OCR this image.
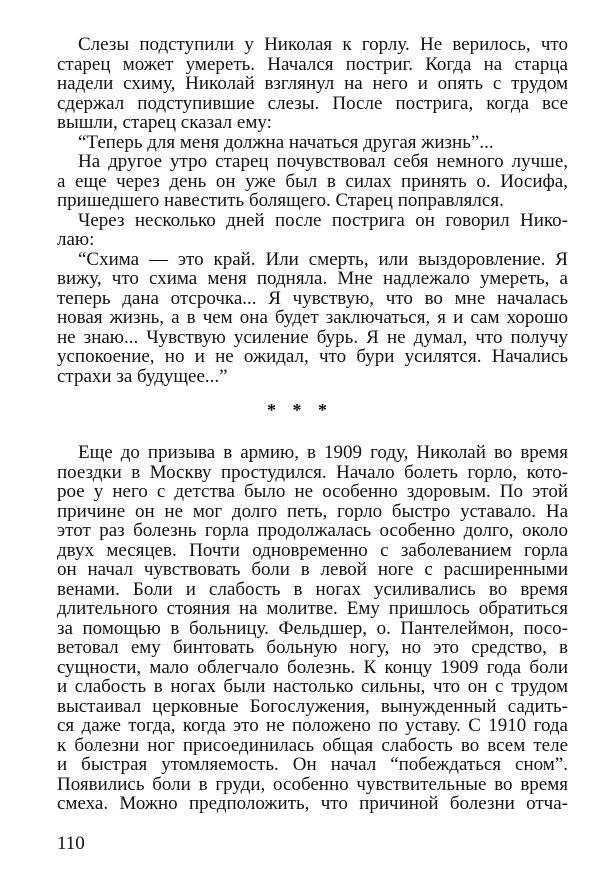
Слезы подступили у Николая к горлу. Не верилось, что
старец может умереть. Начался постриг. Когда на старца
надели схиму, Николай взглянул на него и опять с трудом
сдержал подступившие слезы. После пострига, когда все
вышли, старец сказал ему:
“Теперь для меня должна начаться другая жизнь”...
На другое утро старец почувствовал себя немного лучше,
а еще через день он уже был в силах принять о. Иосифа,
пришедшего навестить болящего. Старец поправлялся.
Через несколько дней после пострига он говорил Нико-
лаю:
“Схима — это край. Или смерть, или выздоровление. Я
вижу, что схима меня подняла. Мне надлежало умереть, а
теперь дана отсрочка... Я чувствую, что во мне началась
новая жизнь, а в чем она будет заключаться, я и сам хорошо
не знаю... Чувствую усиление бурь. Я не думал, что получу
успокоение, но и не ожидал, что бури усилятся. Начались
страхи за будущее...”
* * *
Еще до призыва в армию, в 1909 году, Николай во время
поездки в Москву простудился. Начало болеть горло, кото-
рое у него с детства было не особенно здоровым. По этой
причине он не мог долго петь, горло быстро уставало. На
этот раз болезнь горла продолжалась особенно долго, около
двух месяцев. Почти одновременно с заболеванием горла
он начал чувствовать боли в левой ноге с расширенными
венами. Боли и слабость в ногах усиливались во время
длительного стояния на молитве. Ему пришлось обратиться
за помощью в больницу. Фельдшер, о. Пантелеймон, посо-
ветовал ему бинтовать больную ногу, но это средство, в
сущности, мало облегчало болезнь. К концу 1909 года боли
и слабость в ногах были настолько сильны, что он с трудом
выстаивал церковные Богослужения, вынужденный садить-
ся даже тогда, когда это не положено по уставу. С 1910 года
к болезни ног присоединилась общая слабость во всем теле
и быстрая утомляемость. Он начал “побеждаться сном”.
Появились боли в груди, особенно чувствительные во время
смеха. Можно предположить, что причиной болезни отча-
110
